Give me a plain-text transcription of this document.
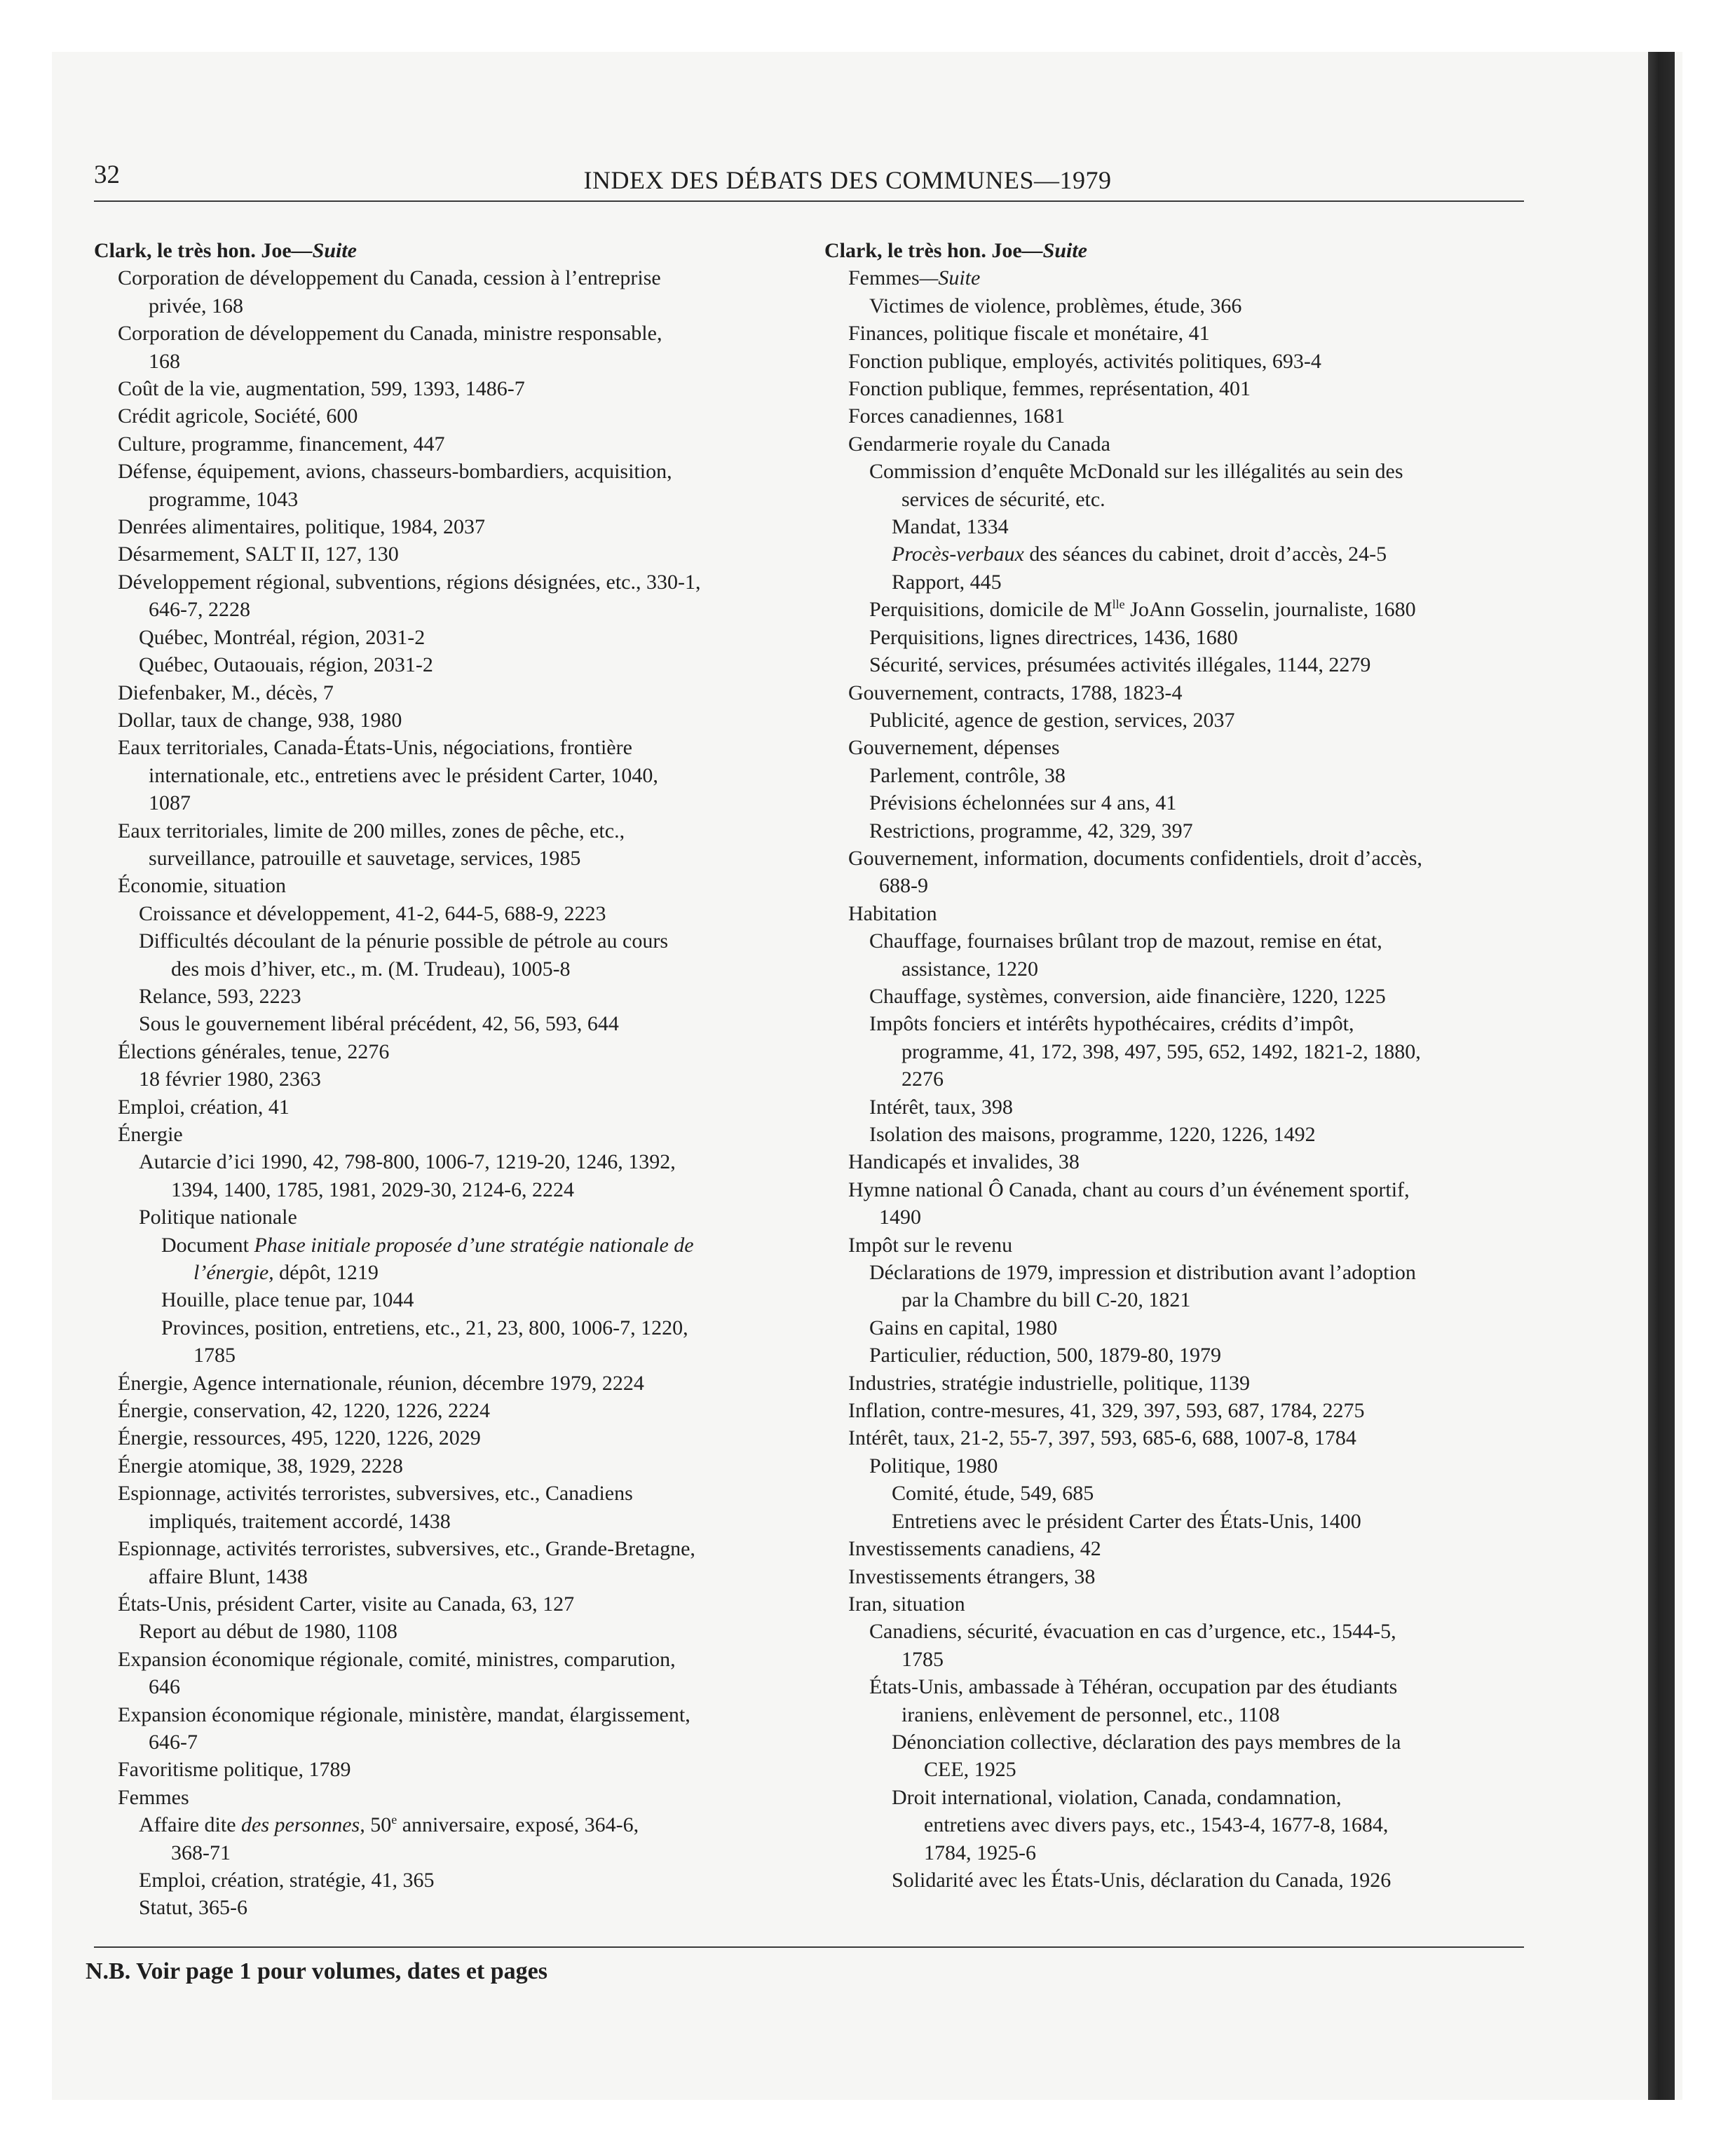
32	INDEX DES DÉBATS DES COMMUNES—1979
Clark, le très hon. Joe—Suite
Corporation de développement du Canada, cession à l’entreprise
privée, 168
Corporation de développement du Canada, ministre responsable,
168
Coût de la vie, augmentation, 599, 1393, 1486-7
Crédit agricole, Société, 600
Culture, programme, financement, 447
Défense, équipement, avions, chasseurs-bombardiers, acquisition,
programme, 1043
Denrées alimentaires, politique, 1984, 2037
Désarmement, SALT II, 127, 130
Développement régional, subventions, régions désignées, etc., 330-1,
646-7, 2228
Québec, Montréal, région, 2031-2
Québec, Outaouais, région, 2031-2
Diefenbaker, M., décès, 7
Dollar, taux de change, 938, 1980
Eaux territoriales, Canada-États-Unis, négociations, frontière
internationale, etc., entretiens avec le président Carter, 1040,
1087
Eaux territoriales, limite de 200 milles, zones de pêche, etc.,
surveillance, patrouille et sauvetage, services, 1985
Économie, situation
Croissance et développement, 41-2, 644-5, 688-9, 2223
Difficultés découlant de la pénurie possible de pétrole au cours
des mois d’hiver, etc., m. (M. Trudeau), 1005-8
Relance, 593, 2223
Sous le gouvernement libéral précédent, 42, 56, 593, 644
Élections générales, tenue, 2276
18 février 1980, 2363
Emploi, création, 41
Énergie
Autarcie d’ici 1990, 42, 798-800, 1006-7, 1219-20, 1246, 1392,
1394, 1400, 1785, 1981, 2029-30, 2124-6, 2224
Politique nationale
Document Phase initiale proposée d’une stratégie nationale de
l’énergie, dépôt, 1219
Houille, place tenue par, 1044
Provinces, position, entretiens, etc., 21, 23, 800, 1006-7, 1220,
1785
Énergie, Agence internationale, réunion, décembre 1979, 2224
Énergie, conservation, 42, 1220, 1226, 2224
Énergie, ressources, 495, 1220, 1226, 2029
Énergie atomique, 38, 1929, 2228
Espionnage, activités terroristes, subversives, etc., Canadiens
impliqués, traitement accordé, 1438
Espionnage, activités terroristes, subversives, etc., Grande-Bretagne,
affaire Blunt, 1438
États-Unis, président Carter, visite au Canada, 63, 127
Report au début de 1980, 1108
Expansion économique régionale, comité, ministres, comparution,
646
Expansion économique régionale, ministère, mandat, élargissement,
646-7
Favoritisme politique, 1789
Femmes
Affaire dite des personnes, 50e anniversaire, exposé, 364-6,
368-71
Emploi, création, stratégie, 41, 365
Statut, 365-6
Clark, le très hon. Joe—Suite
Femmes—Suite
Victimes de violence, problèmes, étude, 366
Finances, politique fiscale et monétaire, 41
Fonction publique, employés, activités politiques, 693-4
Fonction publique, femmes, représentation, 401
Forces canadiennes, 1681
Gendarmerie royale du Canada
Commission d’enquête McDonald sur les illégalités au sein des
services de sécurité, etc.
Mandat, 1334
Procès-verbaux des séances du cabinet, droit d’accès, 24-5
Rapport, 445
Perquisitions, domicile de $M^{lle}$ JoAnn Gosselin, journaliste, 1680
Perquisitions, lignes directrices, 1436, 1680
Sécurité, services, présumées activités illégales, 1144, 2279
Gouvernement, contracts, 1788, 1823-4
Publicité, agence de gestion, services, 2037
Gouvernement, dépenses
Parlement, contrôle, 38
Prévisions échelonnées sur 4 ans, 41
Restrictions, programme, 42, 329, 397
Gouvernement, information, documents confidentiels, droit d’accès,
688-9
Habitation
Chauffage, fournaises brûlant trop de mazout, remise en état,
assistance, 1220
Chauffage, systèmes, conversion, aide financière, 1220, 1225
Impôts fonciers et intérêts hypothécaires, crédits d’impôt,
programme, 41, 172, 398, 497, 595, 652, 1492, 1821-2, 1880,
2276
Intérêt, taux, 398
Isolation des maisons, programme, 1220, 1226, 1492
Handicapés et invalides, 38
Hymne national Ô Canada, chant au cours d’un événement sportif,
1490
Impôt sur le revenu
Déclarations de 1979, impression et distribution avant l’adoption
par la Chambre du bill C-20, 1821
Gains en capital, 1980
Particulier, réduction, 500, 1879-80, 1979
Industries, stratégie industrielle, politique, 1139
Inflation, contre-mesures, 41, 329, 397, 593, 687, 1784, 2275
Intérêt, taux, 21-2, 55-7, 397, 593, 685-6, 688, 1007-8, 1784
Politique, 1980
Comité, étude, 549, 685
Entretiens avec le président Carter des États-Unis, 1400
Investissements canadiens, 42
Investissements étrangers, 38
Iran, situation
Canadiens, sécurité, évacuation en cas d’urgence, etc., 1544-5,
1785
États-Unis, ambassade à Téhéran, occupation par des étudiants
iraniens, enlèvement de personnel, etc., 1108
Dénonciation collective, déclaration des pays membres de la
CEE, 1925
Droit international, violation, Canada, condamnation,
entretiens avec divers pays, etc., 1543-4, 1677-8, 1684,
1784, 1925-6
Solidarité avec les États-Unis, déclaration du Canada, 1926
N.B. Voir page 1 pour volumes, dates et pages
